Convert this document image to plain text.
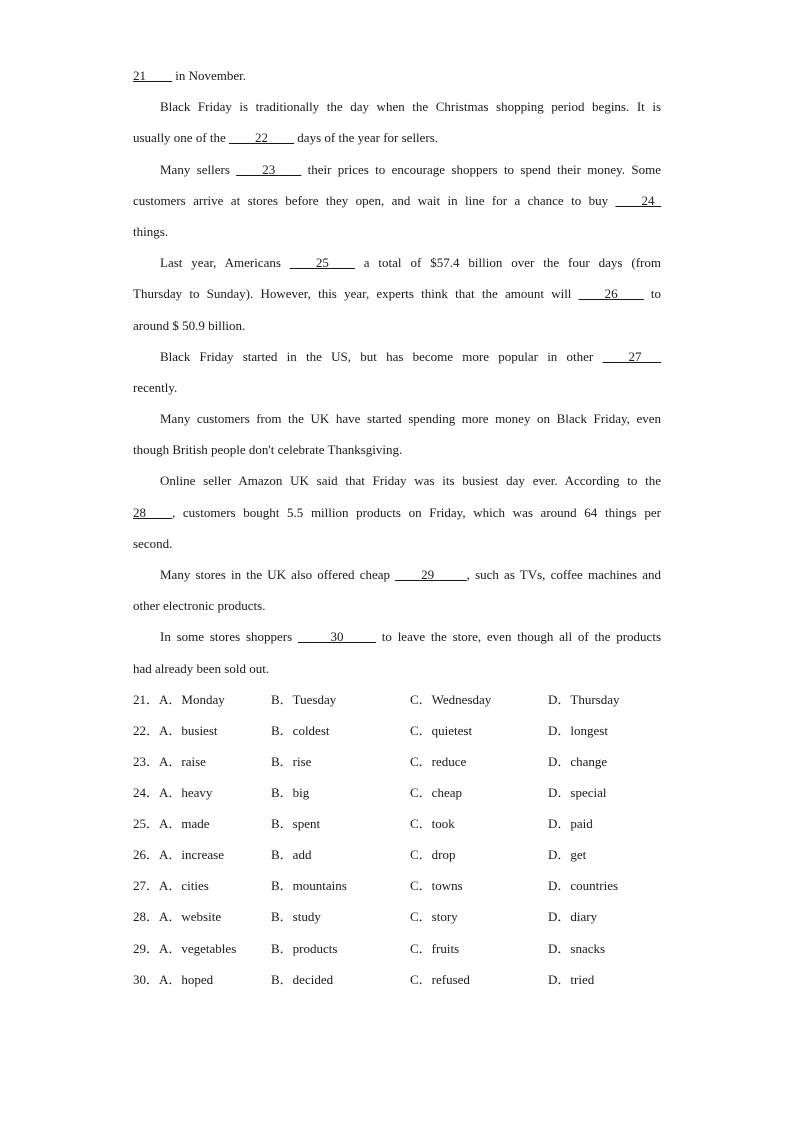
21____ in November.
Black Friday is traditionally the day when the Christmas shopping period begins. It is
usually one of the ____22____ days of the year for sellers.
Many sellers ____23____ their prices to encourage shoppers to spend their money. Some
customers arrive at stores before they open, and wait in line for a chance to buy ____24_
things.
Last year, Americans ____25____ a total of $57.4 billion over the four days (from
Thursday to Sunday). However, this year, experts think that the amount will ____26____ to
around $ 50.9 billion.
Black Friday started in the US, but has become more popular in other ____27___
recently.
Many customers from the UK have started spending more money on Black Friday, even
though British people don't celebrate Thanksgiving.
Online seller Amazon UK said that Friday was its busiest day ever. According to the
28____, customers bought 5.5 million products on Friday, which was around 64 things per
second.
Many stores in the UK also offered cheap ____29_____, such as TVs, coffee machines and
other electronic products.
In some stores shoppers _____30_____ to leave the store, even though all of the products
had already been sold out.
21． A．Monday	B．Tuesday	C．Wednesday	D．Thursday
22． A．busiest	B．coldest	C．quietest	D．longest
23． A．raise	B．rise	C．reduce	D．change
24． A．heavy	B．big	C．cheap	D．special
25． A．made	B．spent	C．took	D．paid
26． A．increase	B．add	C．drop	D．get
27． A．cities	B．mountains	C．towns	D．countries
28． A．website	B．study	C．story	D．diary
29． A．vegetables	B．products	C．fruits	D．snacks
30． A．hoped	B．decided	C．refused	D．tried
